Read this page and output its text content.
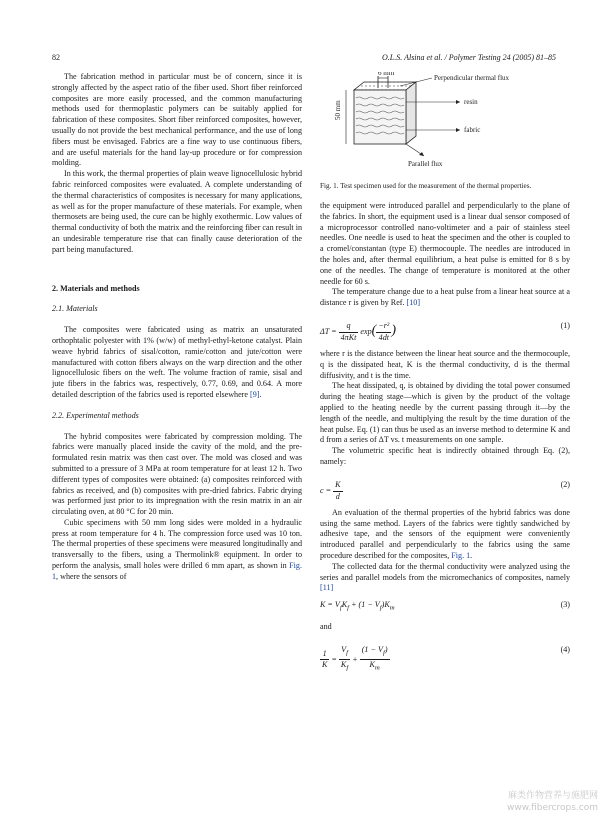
82	O.L.S. Alsina et al. / Polymer Testing 24 (2005) 81–85

The fabrication method in particular must be of concern, since it is strongly affected by the aspect ratio of the fiber used. Short fiber reinforced composites are more easily processed, and the common manufacturing methods used for thermoplastic polymers can be suitably applied for fabrication of these composites. Short fiber reinforced composites, however, usually do not provide the best mechanical performance, and the use of long fibers must be envisaged. Fabrics are a fine way to use continuous fibers, and are useful materials for the hand lay-up procedure or for compression molding.

In this work, the thermal properties of plain weave lignocellulosic hybrid fabric reinforced composites were evaluated. A complete understanding of the thermal characteristics of composites is necessary for many applications, as well as for the proper manufacture of these materials. For example, when thermosets are being used, the cure can be highly exothermic. Low values of thermal conductivity of both the matrix and the reinforcing fiber can result in an undesirable temperature rise that can finally cause deterioration of the part being manufactured.

2. Materials and methods
2.1. Materials

The composites were fabricated using as matrix an unsaturated orthophtalic polyester with 1% (w/w) of methyl-ethyl-ketone catalyst. Plain weave hybrid fabrics of sisal/cotton, ramie/cotton and jute/cotton were manufactured with cotton fibers always on the warp direction and the other lignocellulosic fibers on the weft. The volume fraction of ramie, sisal and jute fibers in the fabrics was, respectively, 0.77, 0.69, and 0.64. A more detailed description of the fabrics used is reported elsewhere [9].

2.2. Experimental methods

The hybrid composites were fabricated by compression molding. The fabrics were manually placed inside the cavity of the mold, and the pre-formulated resin matrix was then cast over. The mold was closed and was submitted to a pressure of 3 MPa at room temperature for at least 12 h. Two different types of composites were obtained: (a) composites reinforced with fabrics as received, and (b) composites with pre-dried fabrics. Fabric drying was performed just prior to its impregnation with the resin matrix in an air circulating oven, at 80 °C for 20 min.

Cubic specimens with 50 mm long sides were molded in a hydraulic press at room temperature for 4 h. The compression force used was 10 ton. The thermal properties of these specimens were measured longitudinally and transversally to the fibers, using a Thermolink® equipment. In order to perform the analysis, small holes were drilled 6 mm apart, as shown in Fig. 1, where the sensors of

6 mm
Perpendicular thermal flux
50 mm	resin
fabric
Parallel flux
Fig. 1. Test specimen used for the measurement of the thermal properties.

the equipment were introduced parallel and perpendicularly to the plane of the fabrics. In short, the equipment used is a linear dual sensor composed of a microprocessor controlled nano-voltimeter and a pair of stainless steel needles. One needle is used to heat the specimen and the other is coupled to a cromel/constantan (type E) thermocouple. The needles are introduced in the holes and, after thermal equilibrium, a heat pulse is emitted for 8 s by one of the needles. The change of temperature is monitored at the other needle for 60 s.

The temperature change due to a heat pulse from a linear heat source at a distance r is given by Ref. [10]

$\Delta T = \frac{q}{\text{4πKt}} \exp( \frac{\text{−r²}}{4dt}$ )	(1)

where r is the distance between the linear heat source and the thermocouple, q is the dissipated heat, K is the thermal conductivity, d is the thermal diffusivity, and t is the time.

The heat dissipated, q, is obtained by dividing the total power consumed during the heating stage—which is given by the product of the voltage applied to the heating needle by the current passing through it—by the length of the needle, and multiplying the result by the time duration of the heat pulse. Eq. (1) can thus be used as an inverse method to determine K and d from a series of ΔT vs. t measurements on one sample.

The volumetric specific heat is indirectly obtained through Eq. (2), namely:

$c = \frac{K}{d}$	(2)

An evaluation of the thermal properties of the hybrid fabrics was done using the same method. Layers of the fabrics were tightly sandwiched by adhesive tape, and the sensors of the equipment were conveniently introduced parallel and perpendicularly to the fabrics using the same procedure described for the composites, Fig. 1.

The collected data for the thermal conductivity were analyzed using the series and parallel models from the micromechanics of composites, namely [11]

$K = V_fK_f + (1 - V_f)K_m$	(3)

and

$\frac{1}{K} = \frac{V_f}{K_f} + \frac{(1 - V_f)}{K_m}$	(4)
麻类作物营养与施肥网 www.fibercrops.com
